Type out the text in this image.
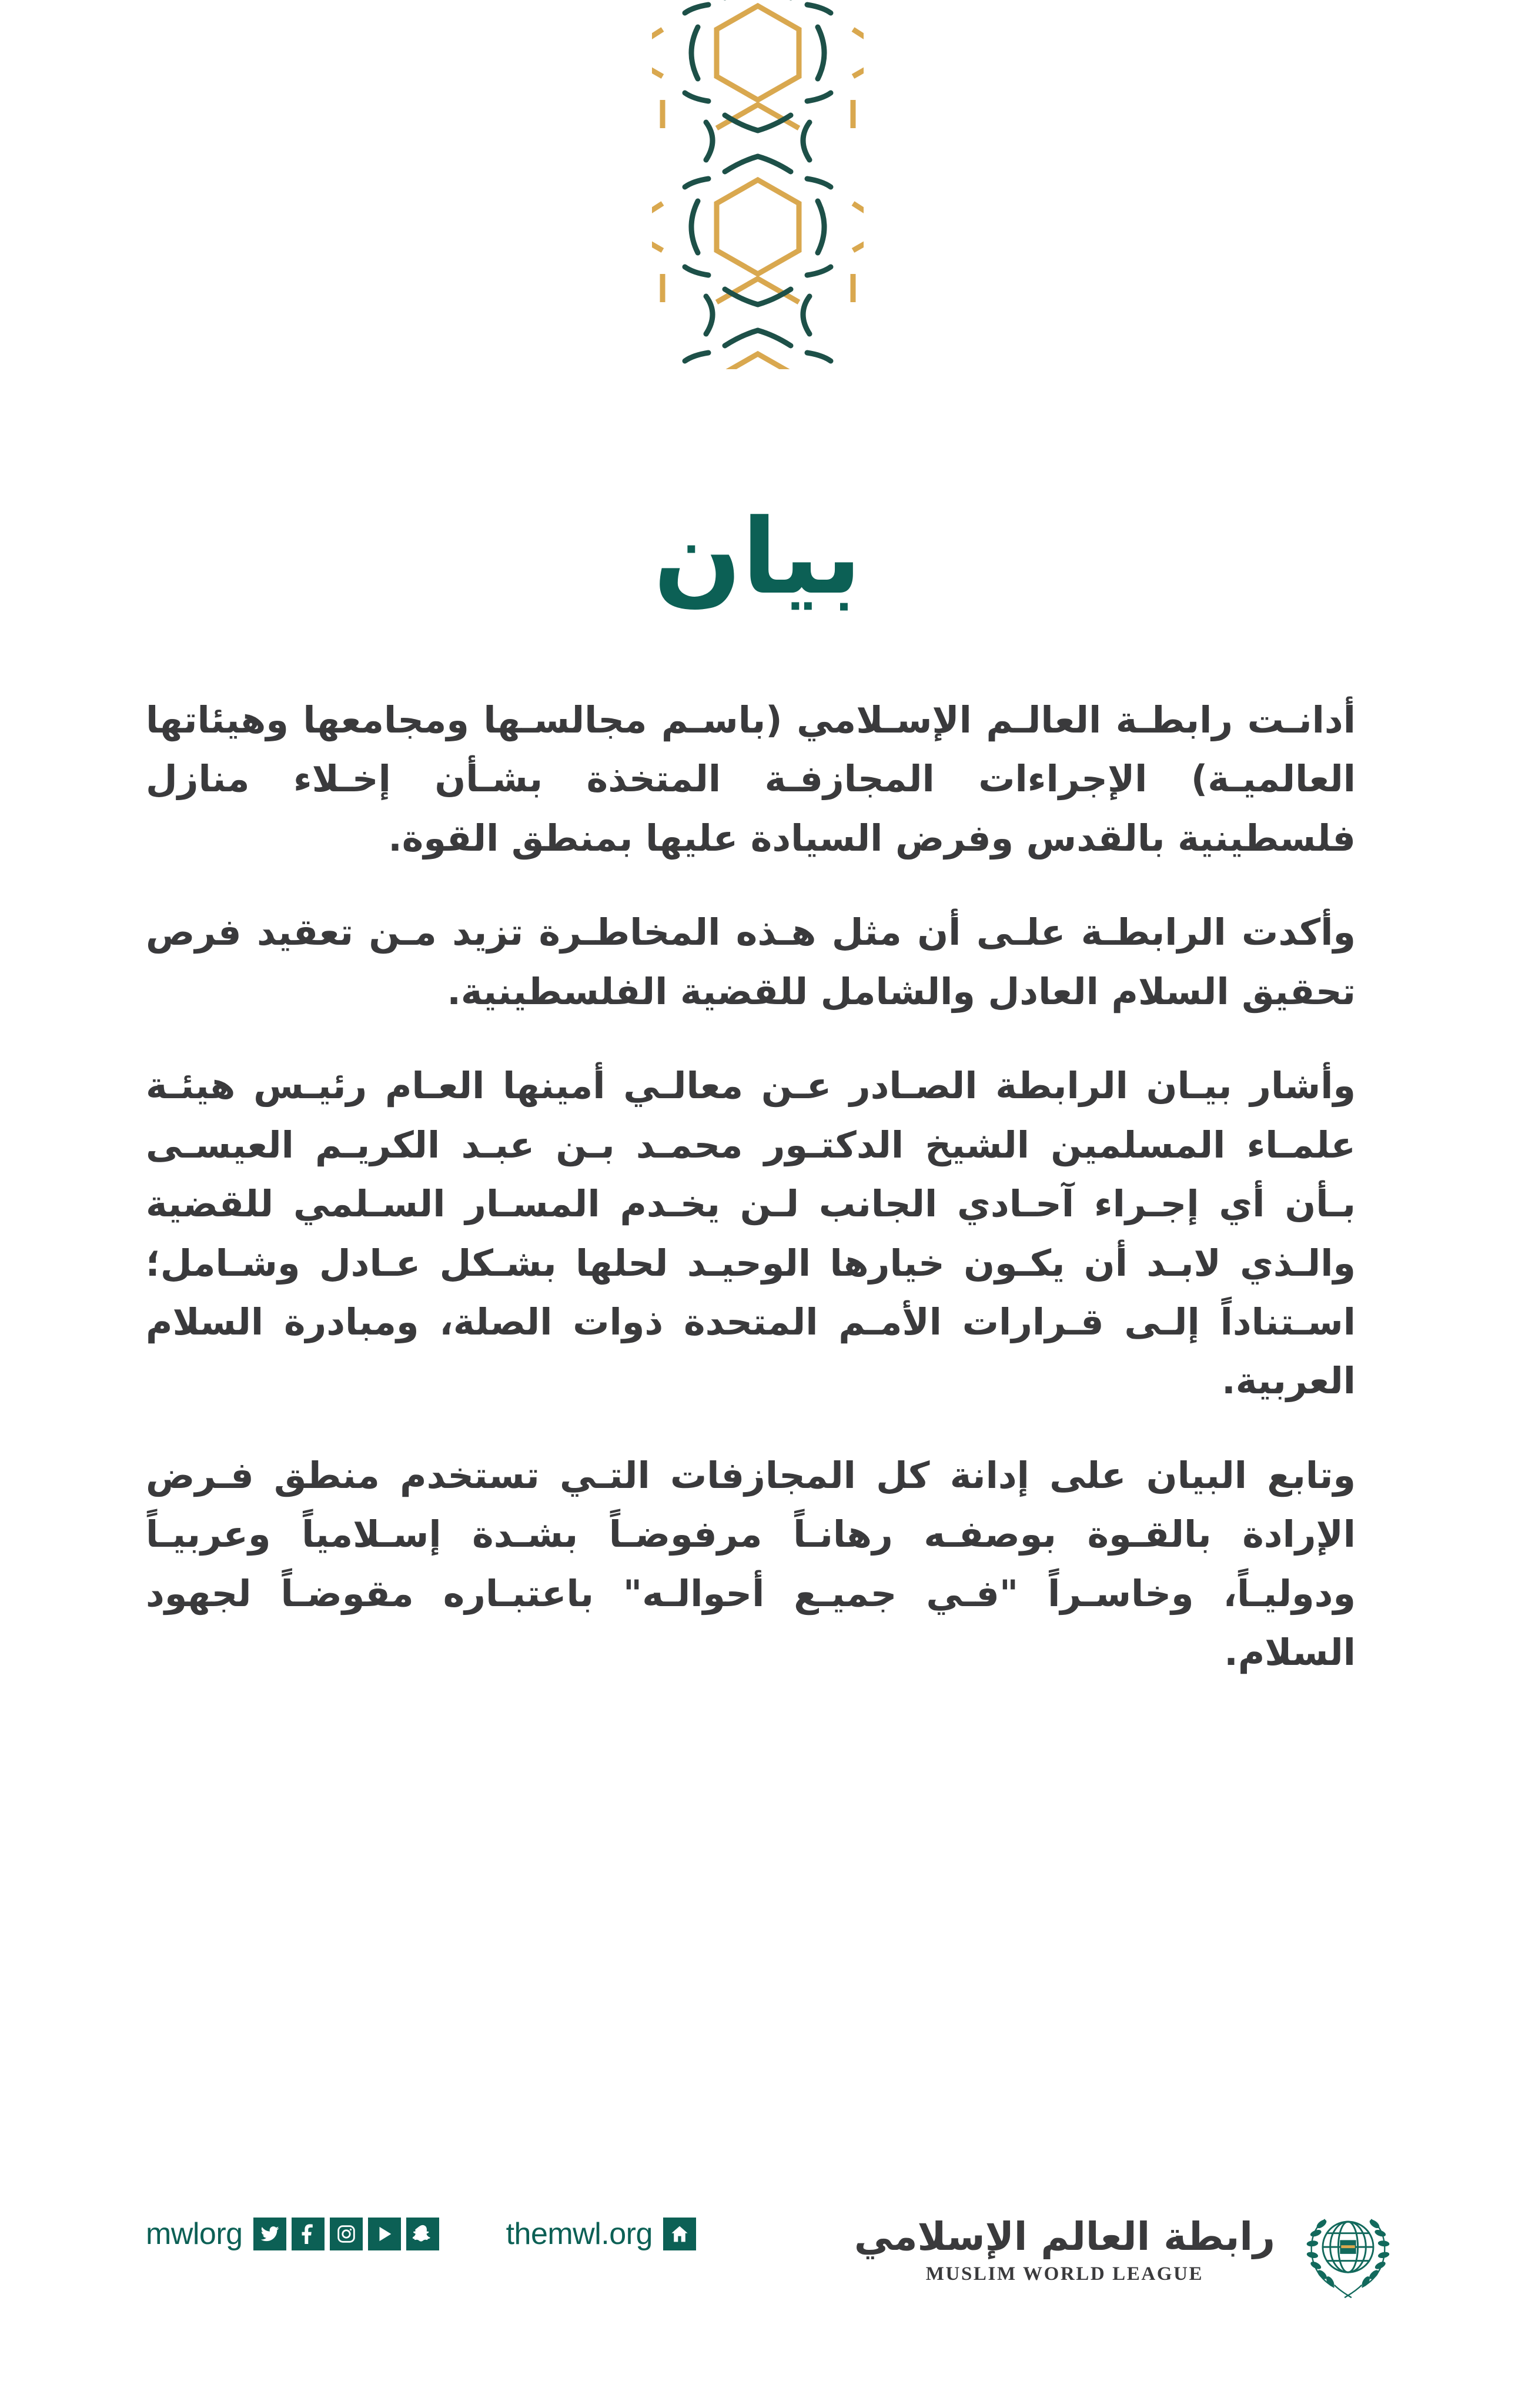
بيان

أدانـت رابطـة العالـم الإسـلامي (باسـم مجالسـها ومجامعها وهيئاتها العالميـة) الإجراءات المجازفـة المتخذة بشـأن إخـلاء منازل فلسطينية بالقدس وفرض السيادة عليها بمنطق القوة.

وأكدت الرابطـة علـى أن مثل هـذه المخاطـرة تزيد مـن تعقيد فرص تحقيق السلام العادل والشامل للقضية الفلسطينية.

وأشار بيـان الرابطة الصـادر عـن معالـي أمينها العـام رئيـس هيئـة علمـاء المسلمين الشيخ الدكتـور محمـد بـن عبـد الكريـم العيسـى بـأن أي إجـراء آحـادي الجانب لـن يخـدم المسـار السـلمي للقضية والـذي لابـد أن يكـون خيارها الوحيـد لحلها بشـكل عـادل وشـامل؛ اسـتناداً إلـى قـرارات الأمـم المتحدة ذوات الصلة، ومبادرة السلام العربية.

وتابع البيان على إدانة كل المجازفات التـي تستخدم منطق فـرض الإرادة بالقـوة بوصفـه رهانـاً مرفوضـاً بشـدة إسـلامياً وعربيـاً ودوليـاً، وخاسـراً "فـي جميـع أحوالـه" باعتبـاره مقوضـاً لجهود السلام.

mwlorg	themwl.org	رابطة العالم الإسلامي
MUSLIM WORLD LEAGUE
